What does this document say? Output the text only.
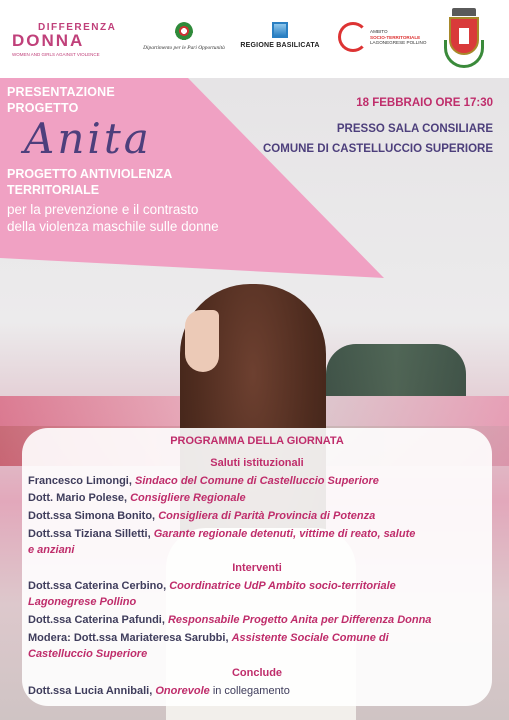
DIFFERENZA
DONNA
WOMEN AND GIRLS AGAINST VIOLENCE
Dipartimento per le Pari Opportunità	REGIONE BASILICATA
AMBITO
SOCIO-TERRITORIALE
LAGONEGRESE POLLINO
PRESENTAZIONE
PROGETTO
Anita
PROGETTO ANTIVIOLENZA
TERRITORIALE
per la prevenzione e il contrasto
della violenza maschile sulle donne
18 FEBBRAIO ORE 17:30
PRESSO SALA CONSILIARE
COMUNE DI CASTELLUCCIO SUPERIORE
PROGRAMMA DELLA GIORNATA
Saluti istituzionali
Francesco Limongi, Sindaco del Comune di Castelluccio Superiore
Dott. Mario Polese, Consigliere Regionale
Dott.ssa Simona Bonito, Consigliera di Parità Provincia di Potenza
Dott.ssa Tiziana Silletti, Garante regionale detenuti, vittime di reato, salute
e anziani
Interventi
Dott.ssa Caterina Cerbino, Coordinatrice UdP Ambito socio-territoriale
Lagonegrese Pollino
Dott.ssa Caterina Pafundi, Responsabile Progetto Anita per Differenza Donna
Modera: Dott.ssa Mariateresa Sarubbi, Assistente Sociale Comune di
Castelluccio Superiore
Conclude
Dott.ssa Lucia Annibali, Onorevole in collegamento
